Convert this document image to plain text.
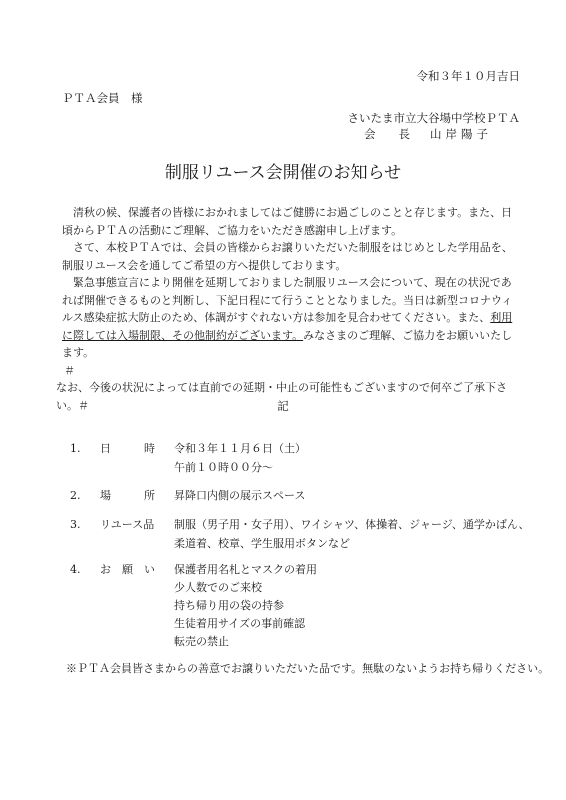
令和３年１０月吉日
ＰＴＡ会員　様
さいたま市立大谷場中学校ＰＴＡ
会　　長 山岸陽子
制服リユース会開催のお知らせ

清秋の候、保護者の皆様におかれましてはご健勝にお過ごしのことと存じます。また、日頃からＰＴＡの活動にご理解、ご協力をいただき感謝申し上げます。

さて、本校ＰＴＡでは、会員の皆様からお譲りいただいた制服をはじめとした学用品を、制服リユース会を通してご希望の方へ提供しております。

緊急事態宣言により開催を延期しておりました制服リユース会について、現在の状況であれば開催できるものと判断し、下記日程にて行うこととなりました。当日は新型コロナウィルス感染症拡大防止のため、体調がすぐれない方は参加を見合わせてください。また、利用に際しては入場制限、その他制約がございます。みなさまのご理解、ご協力をお願いいたします。

＃

なお、今後の状況によっては直前での延期・中止の可能性もございますので何卒ご了承下さい。＃	記
1.	日　　　時	令和３年１１月６日（土）
午前１０時００分～
2.	場　　　所	昇降口内側の展示スペース
3.	リユース品	制服（男子用・女子用）、ワイシャツ、体操着、ジャージ、通学かばん、
柔道着、校章、学生服用ボタンなど
4.	お　願　い	保護者用名札とマスクの着用
少人数でのご来校
持ち帰り用の袋の持参
生徒着用サイズの事前確認
転売の禁止
※ＰＴＡ会員皆さまからの善意でお譲りいただいた品です。無駄のないようお持ち帰りください。
